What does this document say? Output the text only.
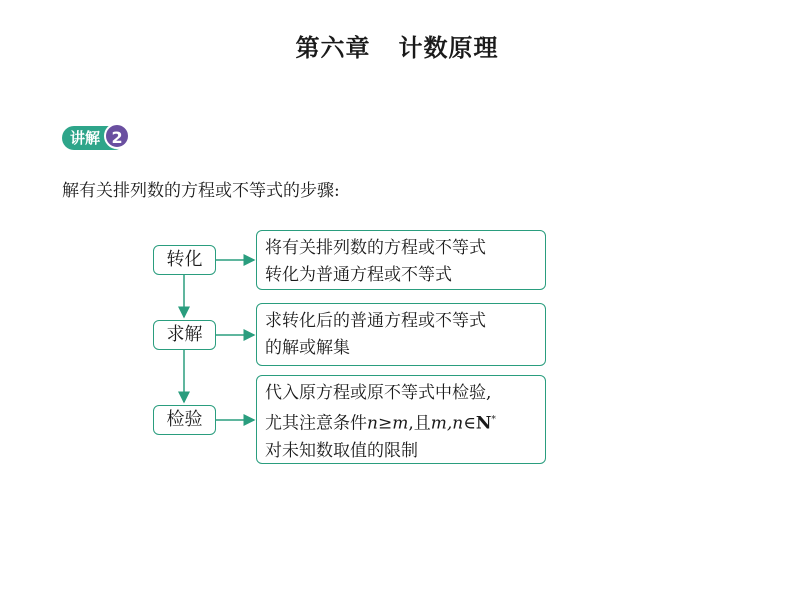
第六章 计数原理
讲解 2
解有关排列数的方程或不等式的步骤:
转化
将有关排列数的方程或不等式
转化为普通方程或不等式
求解
求转化后的普通方程或不等式
的解或解集
检验
代入原方程或原不等式中检验,
尤其注意条件n≥m,且m,n∈N*
对未知数取值的限制
